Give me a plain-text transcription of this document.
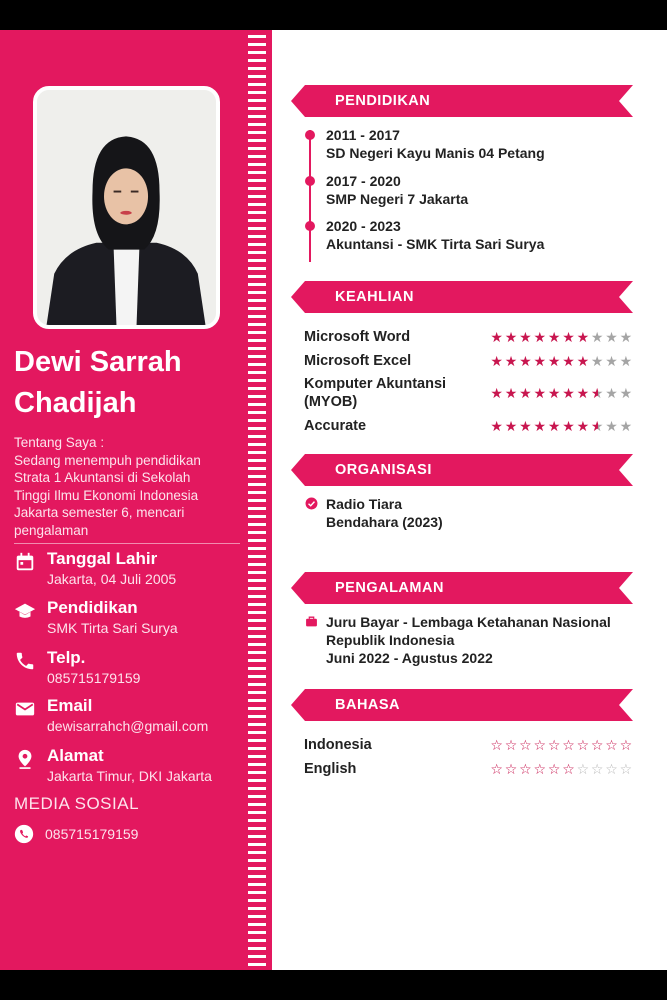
Dewi Sarrah
Chadijah
Tentang Saya :
Sedang menempuh pendidikan
Strata 1 Akuntansi di Sekolah
Tinggi Ilmu Ekonomi Indonesia
Jakarta semester 6, mencari
pengalaman
Tanggal Lahir
Jakarta, 04 Juli 2005
Pendidikan
SMK Tirta Sari Surya
Telp.
085715179159
Email
dewisarrahch@gmail.com
Alamat
Jakarta Timur, DKI Jakarta
MEDIA SOSIAL
085715179159
PENDIDIKAN
2011 - 2017
SD Negeri Kayu Manis 04 Petang
2017 - 2020
SMP Negeri 7 Jakarta
2020 - 2023
Akuntansi - SMK Tirta Sari Surya
KEAHLIAN
Microsoft Word	★★★★★★★★★★
Microsoft Excel	★★★★★★★★★★
Komputer Akuntansi
(MYOB)
★★★★★★★★★★
Accurate	★★★★★★★★★★
ORGANISASI
Radio Tiara
Bendahara (2023)
PENGALAMAN
Juru Bayar - Lembaga Ketahanan Nasional
Republik Indonesia
Juni 2022 - Agustus 2022
BAHASA
Indonesia	☆☆☆☆☆☆☆☆☆☆
English	☆☆☆☆☆☆☆☆☆☆
